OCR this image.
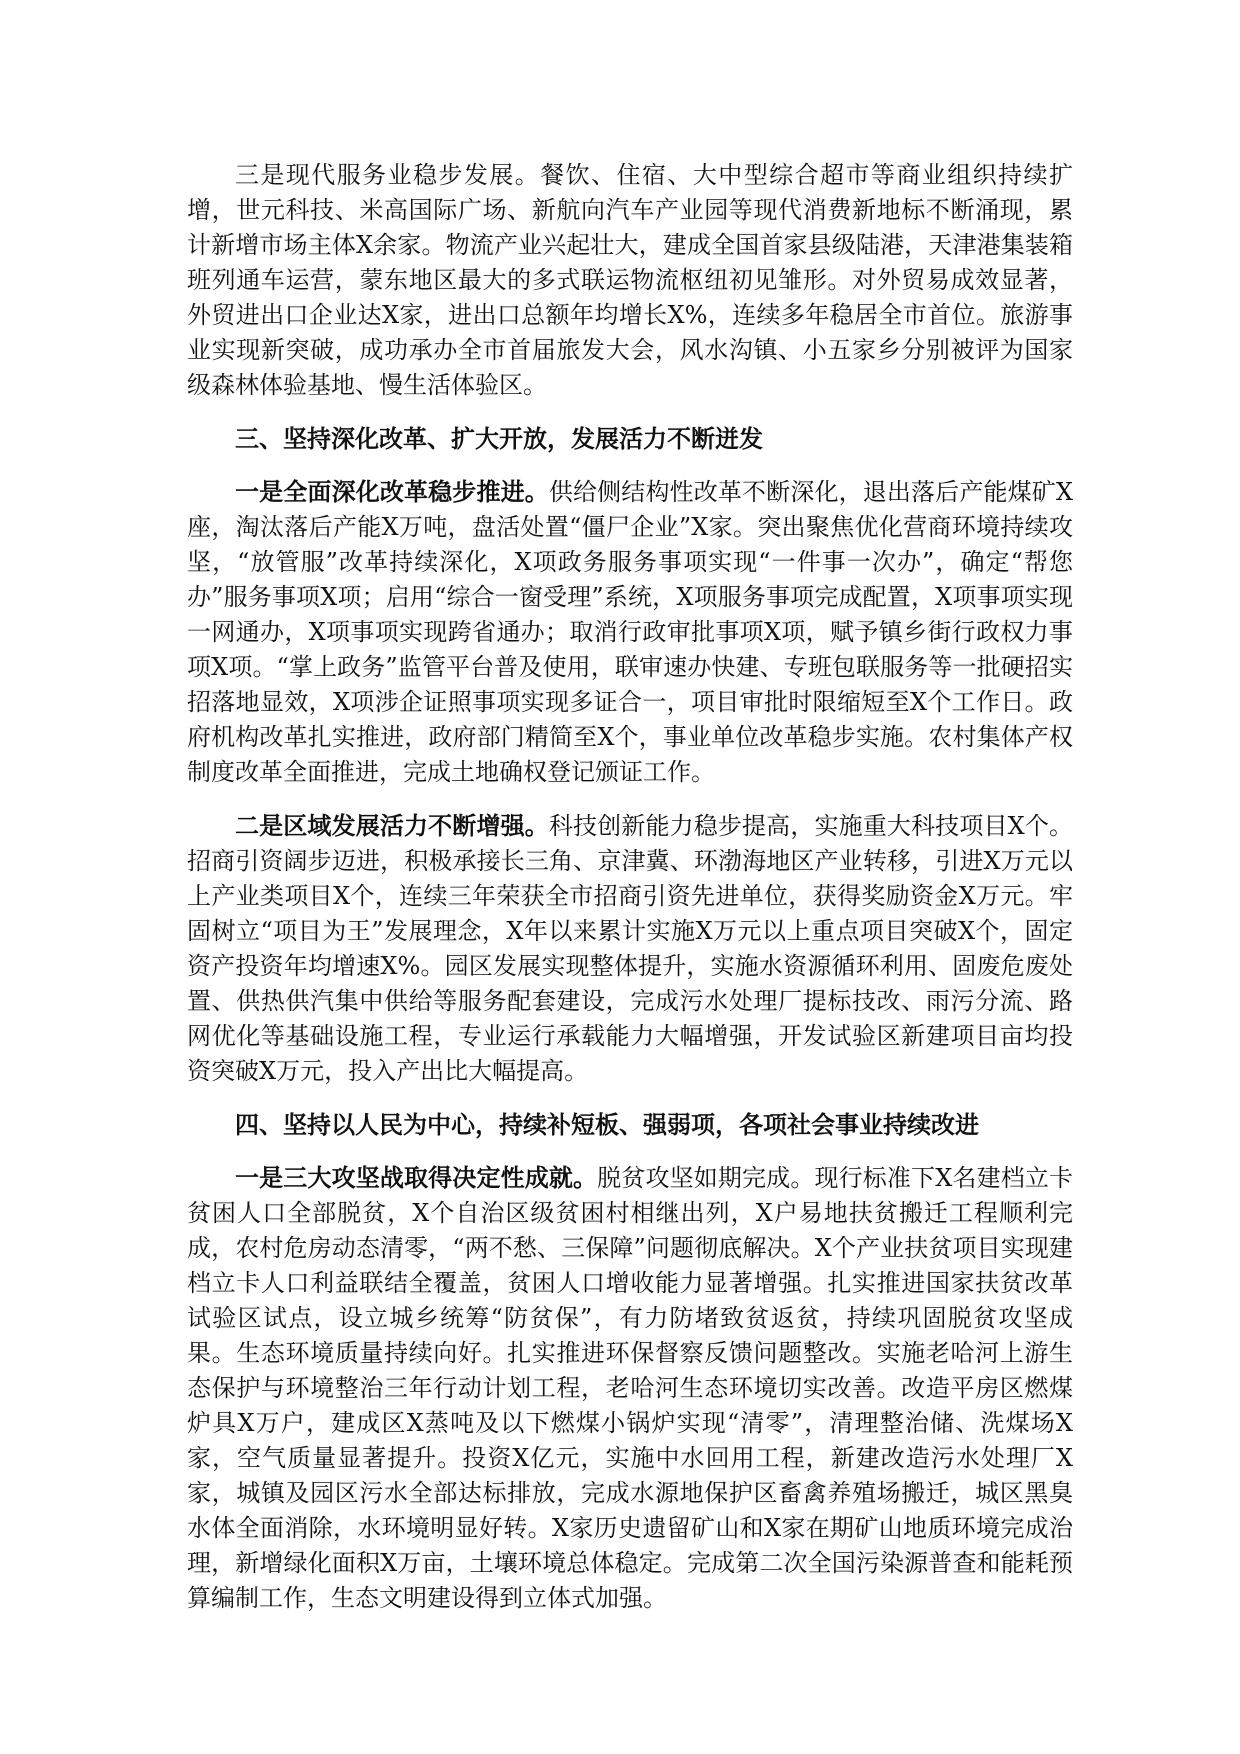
三是现代服务业稳步发展。餐饮、住宿、大中型综合超市等商业组织持续扩增，世元科技、米高国际广场、新航向汽车产业园等现代消费新地标不断涌现，累计新增市场主体X余家。物流产业兴起壮大，建成全国首家县级陆港，天津港集装箱班列通车运营，蒙东地区最大的多式联运物流枢纽初见雏形。对外贸易成效显著，外贸进出口企业达X家，进出口总额年均增长X%，连续多年稳居全市首位。旅游事业实现新突破，成功承办全市首届旅发大会，风水沟镇、小五家乡分别被评为国家级森林体验基地、慢生活体验区。

三、坚持深化改革、扩大开放，发展活力不断迸发

一是全面深化改革稳步推进。供给侧结构性改革不断深化，退出落后产能煤矿X座，淘汰落后产能X万吨，盘活处置“僵尸企业”X家。突出聚焦优化营商环境持续攻坚，“放管服”改革持续深化，X项政务服务事项实现“一件事一次办”，确定“帮您办”服务事项X项；启用“综合一窗受理”系统，X项服务事项完成配置，X项事项实现一网通办，X项事项实现跨省通办；取消行政审批事项X项，赋予镇乡街行政权力事项X项。“掌上政务”监管平台普及使用，联审速办快建、专班包联服务等一批硬招实招落地显效，X项涉企证照事项实现多证合一，项目审批时限缩短至X个工作日。政府机构改革扎实推进，政府部门精简至X个，事业单位改革稳步实施。农村集体产权制度改革全面推进，完成土地确权登记颁证工作。

二是区域发展活力不断增强。科技创新能力稳步提高，实施重大科技项目X个。招商引资阔步迈进，积极承接长三角、京津冀、环渤海地区产业转移，引进X万元以上产业类项目X个，连续三年荣获全市招商引资先进单位，获得奖励资金X万元。牢固树立“项目为王”发展理念，X年以来累计实施X万元以上重点项目突破X个，固定资产投资年均增速X%。园区发展实现整体提升，实施水资源循环利用、固废危废处置、供热供汽集中供给等服务配套建设，完成污水处理厂提标技改、雨污分流、路网优化等基础设施工程，专业运行承载能力大幅增强，开发试验区新建项目亩均投资突破X万元，投入产出比大幅提高。

四、坚持以人民为中心，持续补短板、强弱项，各项社会事业持续改进

一是三大攻坚战取得决定性成就。脱贫攻坚如期完成。现行标准下X名建档立卡贫困人口全部脱贫，X个自治区级贫困村相继出列，X户易地扶贫搬迁工程顺利完成，农村危房动态清零，“两不愁、三保障”问题彻底解决。X个产业扶贫项目实现建档立卡人口利益联结全覆盖，贫困人口增收能力显著增强。扎实推进国家扶贫改革试验区试点，设立城乡统筹“防贫保”，有力防堵致贫返贫，持续巩固脱贫攻坚成果。生态环境质量持续向好。扎实推进环保督察反馈问题整改。实施老哈河上游生态保护与环境整治三年行动计划工程，老哈河生态环境切实改善。改造平房区燃煤炉具X万户，建成区X蒸吨及以下燃煤小锅炉实现“清零”，清理整治储、洗煤场X家，空气质量显著提升。投资X亿元，实施中水回用工程，新建改造污水处理厂X家，城镇及园区污水全部达标排放，完成水源地保护区畜禽养殖场搬迁，城区黑臭水体全面消除，水环境明显好转。X家历史遗留矿山和X家在期矿山地质环境完成治理，新增绿化面积X万亩，土壤环境总体稳定。完成第二次全国污染源普查和能耗预算编制工作，生态文明建设得到立体式加强。
